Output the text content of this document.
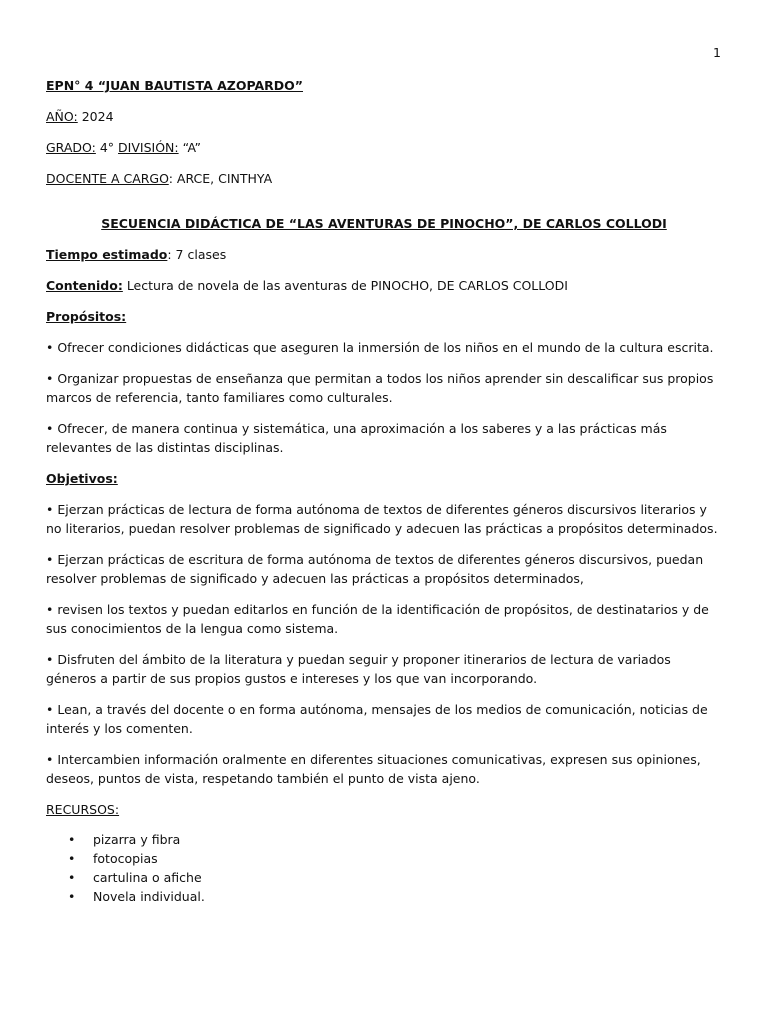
1

EPN° 4 “JUAN BAUTISTA AZOPARDO”

AÑO: 2024

GRADO: 4° DIVISIÓN: “A”

DOCENTE A CARGO: ARCE, CINTHYA

SECUENCIA DIDÁCTICA DE “LAS AVENTURAS DE PINOCHO”, DE CARLOS COLLODI

Tiempo estimado: 7 clases

Contenido: Lectura de novela de las aventuras de PINOCHO, DE CARLOS COLLODI

Propósitos:

• Ofrecer condiciones didácticas que aseguren la inmersión de los niños en el mundo de la cultura escrita.

• Organizar propuestas de enseñanza que permitan a todos los niños aprender sin descalificar sus propios marcos de referencia, tanto familiares como culturales.

• Ofrecer, de manera continua y sistemática, una aproximación a los saberes y a las prácticas más relevantes de las distintas disciplinas.

Objetivos:

• Ejerzan prácticas de lectura de forma autónoma de textos de diferentes géneros discursivos literarios y no literarios, puedan resolver problemas de significado y adecuen las prácticas a propósitos determinados.

• Ejerzan prácticas de escritura de forma autónoma de textos de diferentes géneros discursivos, puedan resolver problemas de significado y adecuen las prácticas a propósitos determinados,

• revisen los textos y puedan editarlos en función de la identificación de propósitos, de destinatarios y de sus conocimientos de la lengua como sistema.

• Disfruten del ámbito de la literatura y puedan seguir y proponer itinerarios de lectura de variados géneros a partir de sus propios gustos e intereses y los que van incorporando.

• Lean, a través del docente o en forma autónoma, mensajes de los medios de comunicación, noticias de interés y los comenten.

• Intercambien información oralmente en diferentes situaciones comunicativas, expresen sus opiniones, deseos, puntos de vista, respetando también el punto de vista ajeno.

RECURSOS:

• pizarra y fibra
• fotocopias
• cartulina o afiche
• Novela individual.
